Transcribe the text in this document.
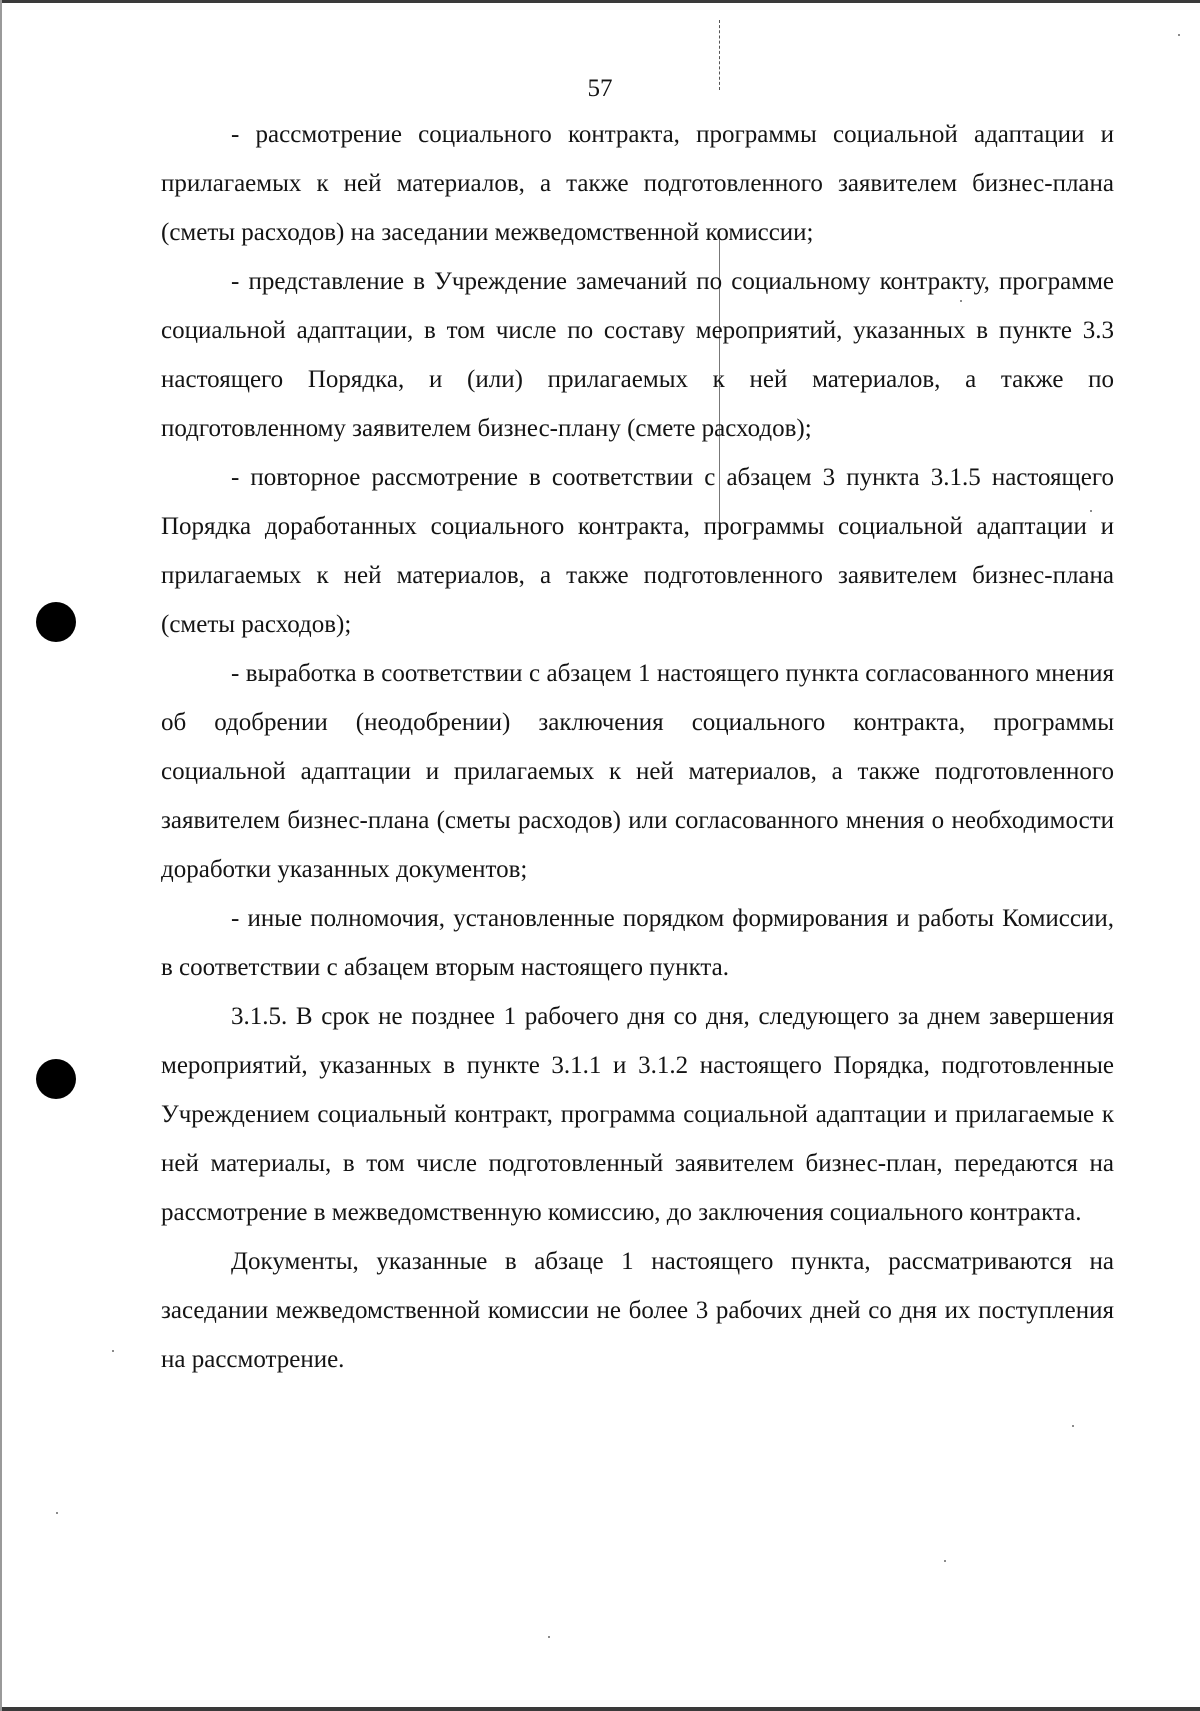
57

- рассмотрение социального контракта, программы социальной адаптации и прилагаемых к ней материалов, а также подготовленного заявителем бизнес-плана (сметы расходов) на заседании межведомственной комиссии;

- представление в Учреждение замечаний по социальному контракту, программе социальной адаптации, в том числе по составу мероприятий, указанных в пункте 3.3 настоящего Порядка, и (или) прилагаемых к ней материалов, а также по подготовленному заявителем бизнес-плану (смете расходов);

- повторное рассмотрение в соответствии с абзацем 3 пункта 3.1.5 настоящего Порядка доработанных социального контракта, программы социальной адаптации и прилагаемых к ней материалов, а также подготовленного заявителем бизнес-плана (сметы расходов);

- выработка в соответствии с абзацем 1 настоящего пункта согласованного мнения об одобрении (неодобрении) заключения социального контракта, программы социальной адаптации и прилагаемых к ней материалов, а также подготовленного заявителем бизнес-плана (сметы расходов) или согласованного мнения о необходимости доработки указанных документов;

- иные полномочия, установленные порядком формирования и работы Комиссии, в соответствии с абзацем вторым настоящего пункта.

3.1.5. В срок не позднее 1 рабочего дня со дня, следующего за днем завершения мероприятий, указанных в пункте 3.1.1 и 3.1.2 настоящего Порядка, подготовленные Учреждением социальный контракт, программа социальной адаптации и прилагаемые к ней материалы, в том числе подготовленный заявителем бизнес-план, передаются на рассмотрение в межведомственную комиссию, до заключения социального контракта.

Документы, указанные в абзаце 1 настоящего пункта, рассматриваются на заседании межведомственной комиссии не более 3 рабочих дней со дня их поступления на рассмотрение.
